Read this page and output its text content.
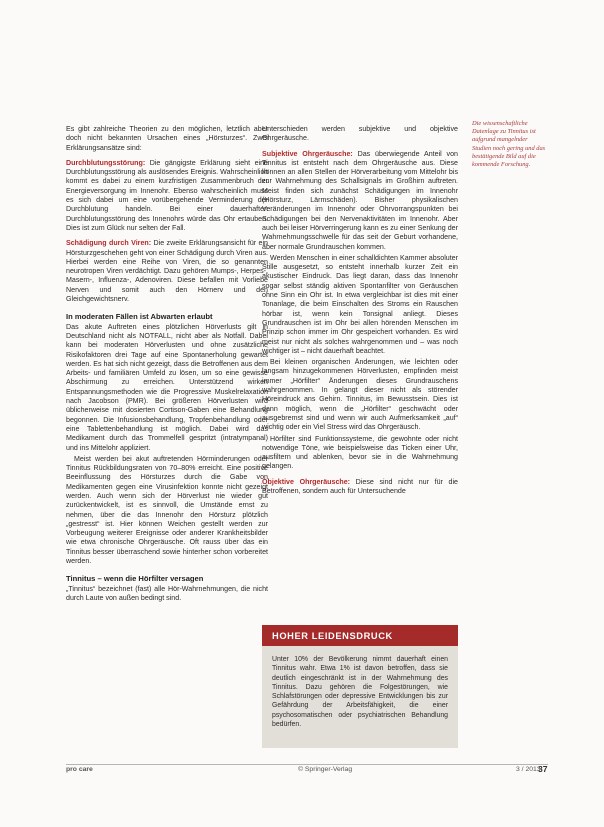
Es gibt zahlreiche Theorien zu den möglichen, letztlich aber doch nicht bekannten Ursachen eines „Hörsturzes“. Zwei Erklärungsansätze sind:

Durchblutungsstörung: Die gängigste Erklärung sieht eine Durchblutungsstörung als auslösendes Ereignis. Wahrscheinlich kommt es dabei zu einem kurzfristigen Zusammenbruch der Energieversorgung im Innenohr. Ebenso wahrscheinlich muss es sich dabei um eine vorübergehende Verminderung der Durchblutung handeln. Bei einer dauerhaften Durchblutungsstörung des Innenohrs würde das Ohr ertauben. Dies ist zum Glück nur selten der Fall.

Schädigung durch Viren: Die zweite Erklärungsansicht für ein Hörsturzgeschehen geht von einer Schädigung durch Viren aus. Hierbei werden eine Reihe von Viren, die so genannten neurotropen Viren verdächtigt. Dazu gehören Mumps-, Herpes-, Masern-, Influenza-, Adenoviren. Diese befallen mit Vorliebe Nerven und somit auch den Hörnerv und den Gleichgewichtsnerv.

In moderaten Fällen ist Abwarten erlaubt

Das akute Auftreten eines plötzlichen Hörverlusts gilt in Deutschland nicht als NOTFALL, nicht aber als Notfall. Dabei kann bei moderaten Hörverlusten und ohne zusätzliche Risikofaktoren drei Tage auf eine Spontanerholung gewartet werden. Es hat sich nicht gezeigt, dass die Betroffenen aus dem Arbeits- und familiären Umfeld zu lösen, um so eine gewisse Abschirmung zu erreichen. Unterstützend wirken Entspannungsmethoden wie die Progressive Muskelrelaxation nach Jacobson (PMR). Bei größeren Hörverlusten wird üblicherweise mit dosierten Cortison-Gaben eine Behandlung begonnen. Die Infusionsbehandlung, Tropfenbehandlung oder eine Tablettenbehandlung ist möglich. Dabei wird das Medikament durch das Trommelfell gespritzt (intratympanal) und ins Mittelohr appliziert.

Meist werden bei akut auftretenden Hörminderungen oder Tinnitus Rückbildungsraten von 70–80% erreicht. Eine positive Beeinflussung des Hörsturzes durch die Gabe von Medikamenten gegen eine Virusinfektion konnte nicht gezeigt werden. Auch wenn sich der Hörverlust nie wieder gut zurückentwickelt, ist es sinnvoll, die Umstände ernst zu nehmen, über die das Innenohr den Hörsturz plötzlich „gestresst“ ist. Hier können Weichen gestellt werden zur Vorbeugung weiterer Ereignisse oder anderer Krankheitsbilder wie etwa chronische Ohrgeräusche. Oft rauss über das ein Tinnitus besser überraschend sowie hinterher schon vorbereitet werden.

Tinnitus – wenn die Hörfilter versagen

„Tinnitus“ bezeichnet (fast) alle Hör-Wahrnehmungen, die nicht durch Laute von außen bedingt sind.

Unterschieden werden subjektive und objektive Ohrgeräusche.

Subjektive Ohrgeräusche: Das überwiegende Anteil von Tinnitus ist entsteht nach dem Ohrgeräusche aus. Diese können an allen Stellen der Hörverarbeitung vom Mittelohr bis zur Wahrnehmung des Schallsignals im Großhirn auftreten. Meist finden sich zunächst Schädigungen im Innenohr (Hörsturz, Lärmschäden). Bisher physikalischen Veränderungen im Innenohr oder Ohrvorrangspunkten bei Schädigungen bei den Nervenaktivitäten im Innenohr. Aber auch bei leiser Hörverringerung kann es zu einer Senkung der Wahrnehmungsschwelle für das seit der Geburt vorhandene, aber normale Grundrauschen kommen.

Werden Menschen in einer schalldichten Kammer absoluter Stille ausgesetzt, so entsteht innerhalb kurzer Zeit ein akustischer Eindruck. Das liegt daran, dass das Innenohr sogar selbst ständig aktiven Spontanfilter von Geräuschen ohne Sinn ein Ohr ist. In etwa vergleichbar ist dies mit einer Tonanlage, die beim Einschalten des Stroms ein Rauschen hörbar ist, wenn kein Tonsignal anliegt. Dieses Grundrauschen ist im Ohr bei allen hörenden Menschen im Prinzip schon immer im Ohr gespeichert vorhanden. Es wird meist nur nicht als solches wahrgenommen und – was noch wichtiger ist – nicht dauerhaft beachtet.

Bei kleinen organischen Änderungen, wie leichten oder langsam hinzugekommenen Hörverlusten, empfinden meist immer „Hörfilter“ Änderungen dieses Grundrauschens wahrgenommen. In gelangt dieser nicht als störender Höreindruck ans Gehirn. Tinnitus, im Bewusstsein. Dies ist dann möglich, wenn die „Hörfilter“ geschwächt oder ausgebremst sind und wenn wir auch Aufmerksamkeit „auf“ wichtig oder ein Viel Stress wird das Ohrgeräusch.

Hörfilter sind Funktionssysteme, die gewohnte oder nicht notwendige Töne, wie beispielsweise das Ticken einer Uhr, ausfiltern und ablenken, bevor sie in die Wahrnehmung gelangen.

Objektive Ohrgeräusche: Diese sind nicht nur für die Betroffenen, sondern auch für Untersuchende

Die wissenschaftliche Datenlage zu Tinnitus ist aufgrund mangelnder Studien noch gering und das bestätigende Bild auf die kommende Forschung.
HOHER LEIDENSDRUCK
Unter 10% der Bevölkerung nimmt dauerhaft einen Tinnitus wahr. Etwa 1% ist davon betroffen, dass sie deutlich eingeschränkt ist in der Wahrnehmung des Tinnitus. Dazu gehören die Folgestörungen, wie Schlafstörungen oder depressive Entwicklungen bis zur Gefährdung der Arbeitsfähigkeit, die einer psychosomatischen oder psychiatrischen Behandlung bedürfen.
pro care	© Springer-Verlag	3 / 2013
37
